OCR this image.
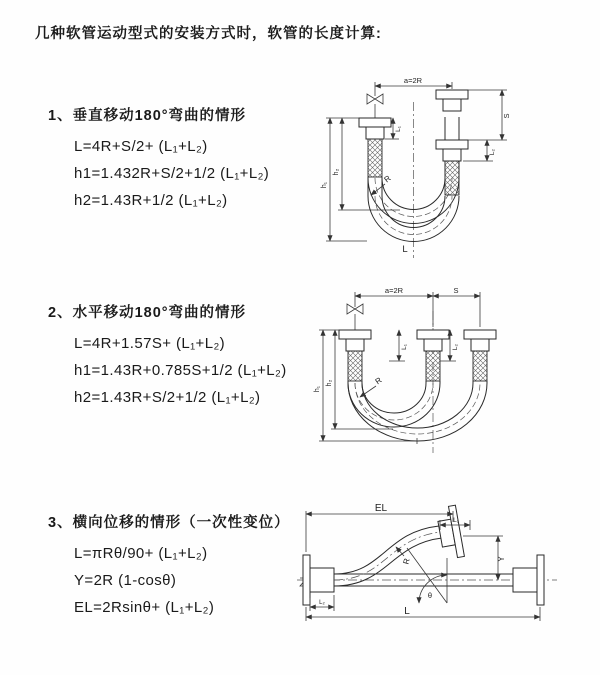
几种软管运动型式的安装方式时，软管的长度计算:
1、垂直移动180°弯曲的情形
L=4R+S/2+ (L₁+L₂)
h1=1.432R+S/2+1/2 (L₁+L₂)
h2=1.43R+1/2 (L₁+L₂)
2、水平移动180°弯曲的情形
L=4R+1.57S+ (L₁+L₂)
h1=1.43R+0.785S+1/2 (L₁+L₂)
h2=1.43R+S/2+1/2 (L₁+L₂)
3、横向位移的情形（一次性变位）
L=πRθ/90+ (L₁+L₂)
Y=2R (1-cosθ)
EL=2Rsinθ+ (L₁+L₂)
a=2R
h₁
h₂
L₁
S
L₂
R
L
a=2R	S
h₁
h₂
L₁	L₂
R
EL
L₁
Y
θ
R
L₂
L
